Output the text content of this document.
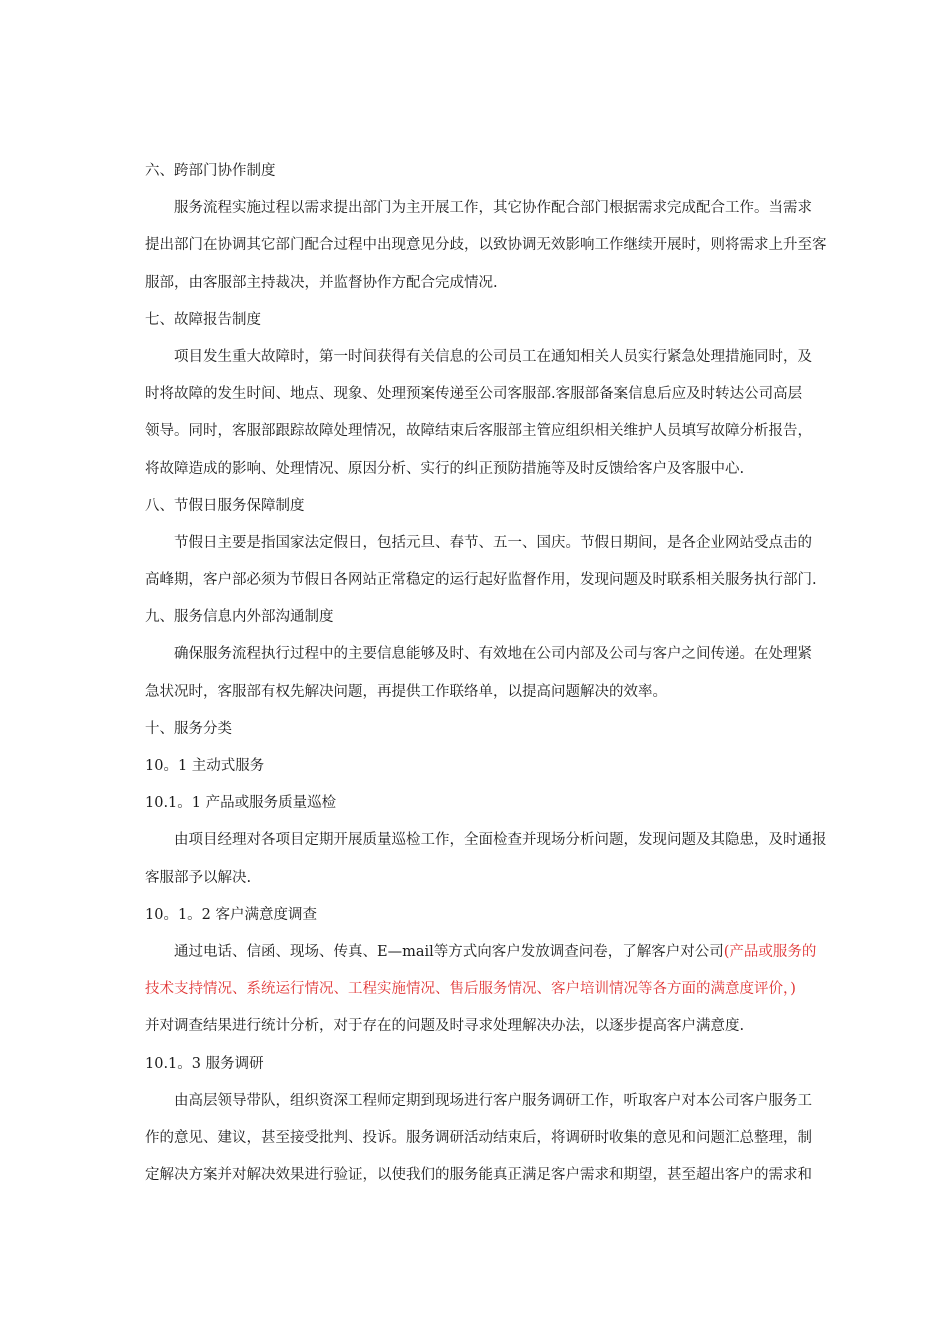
六、跨部门协作制度
服务流程实施过程以需求提出部门为主开展工作，其它协作配合部门根据需求完成配合工作。当需求
提出部门在协调其它部门配合过程中出现意见分歧，以致协调无效影响工作继续开展时，则将需求上升至客
服部，由客服部主持裁决，并监督协作方配合完成情况.
七、故障报告制度
项目发生重大故障时，第一时间获得有关信息的公司员工在通知相关人员实行紧急处理措施同时，及
时将故障的发生时间、地点、现象、处理预案传递至公司客服部.客服部备案信息后应及时转达公司高层
领导。同时，客服部跟踪故障处理情况，故障结束后客服部主管应组织相关维护人员填写故障分析报告，
将故障造成的影响、处理情况、原因分析、实行的纠正预防措施等及时反馈给客户及客服中心.
八、节假日服务保障制度
节假日主要是指国家法定假日，包括元旦、春节、五一、国庆。节假日期间，是各企业网站受点击的
高峰期，客户部必须为节假日各网站正常稳定的运行起好监督作用，发现问题及时联系相关服务执行部门.
九、服务信息内外部沟通制度
确保服务流程执行过程中的主要信息能够及时、有效地在公司内部及公司与客户之间传递。在处理紧
急状况时，客服部有权先解决问题，再提供工作联络单，以提高问题解决的效率。
十、服务分类
10。1 主动式服务
10.1。1 产品或服务质量巡检
由项目经理对各项目定期开展质量巡检工作，全面检查并现场分析问题，发现问题及其隐患，及时通报
客服部予以解决.
10。1。2 客户满意度调查
通过电话、信函、现场、传真、E—mail等方式向客户发放调查问卷，了解客户对公司(产品或服务的
技术支持情况、系统运行情况、工程实施情况、售后服务情况、客户培训情况等各方面的满意度评价，)
并对调查结果进行统计分析，对于存在的问题及时寻求处理解决办法，以逐步提高客户满意度.
10.1。3 服务调研
由高层领导带队，组织资深工程师定期到现场进行客户服务调研工作，听取客户对本公司客户服务工
作的意见、建议，甚至接受批判、投诉。服务调研活动结束后，将调研时收集的意见和问题汇总整理，制
定解决方案并对解决效果进行验证，以使我们的服务能真正满足客户需求和期望，甚至超出客户的需求和
